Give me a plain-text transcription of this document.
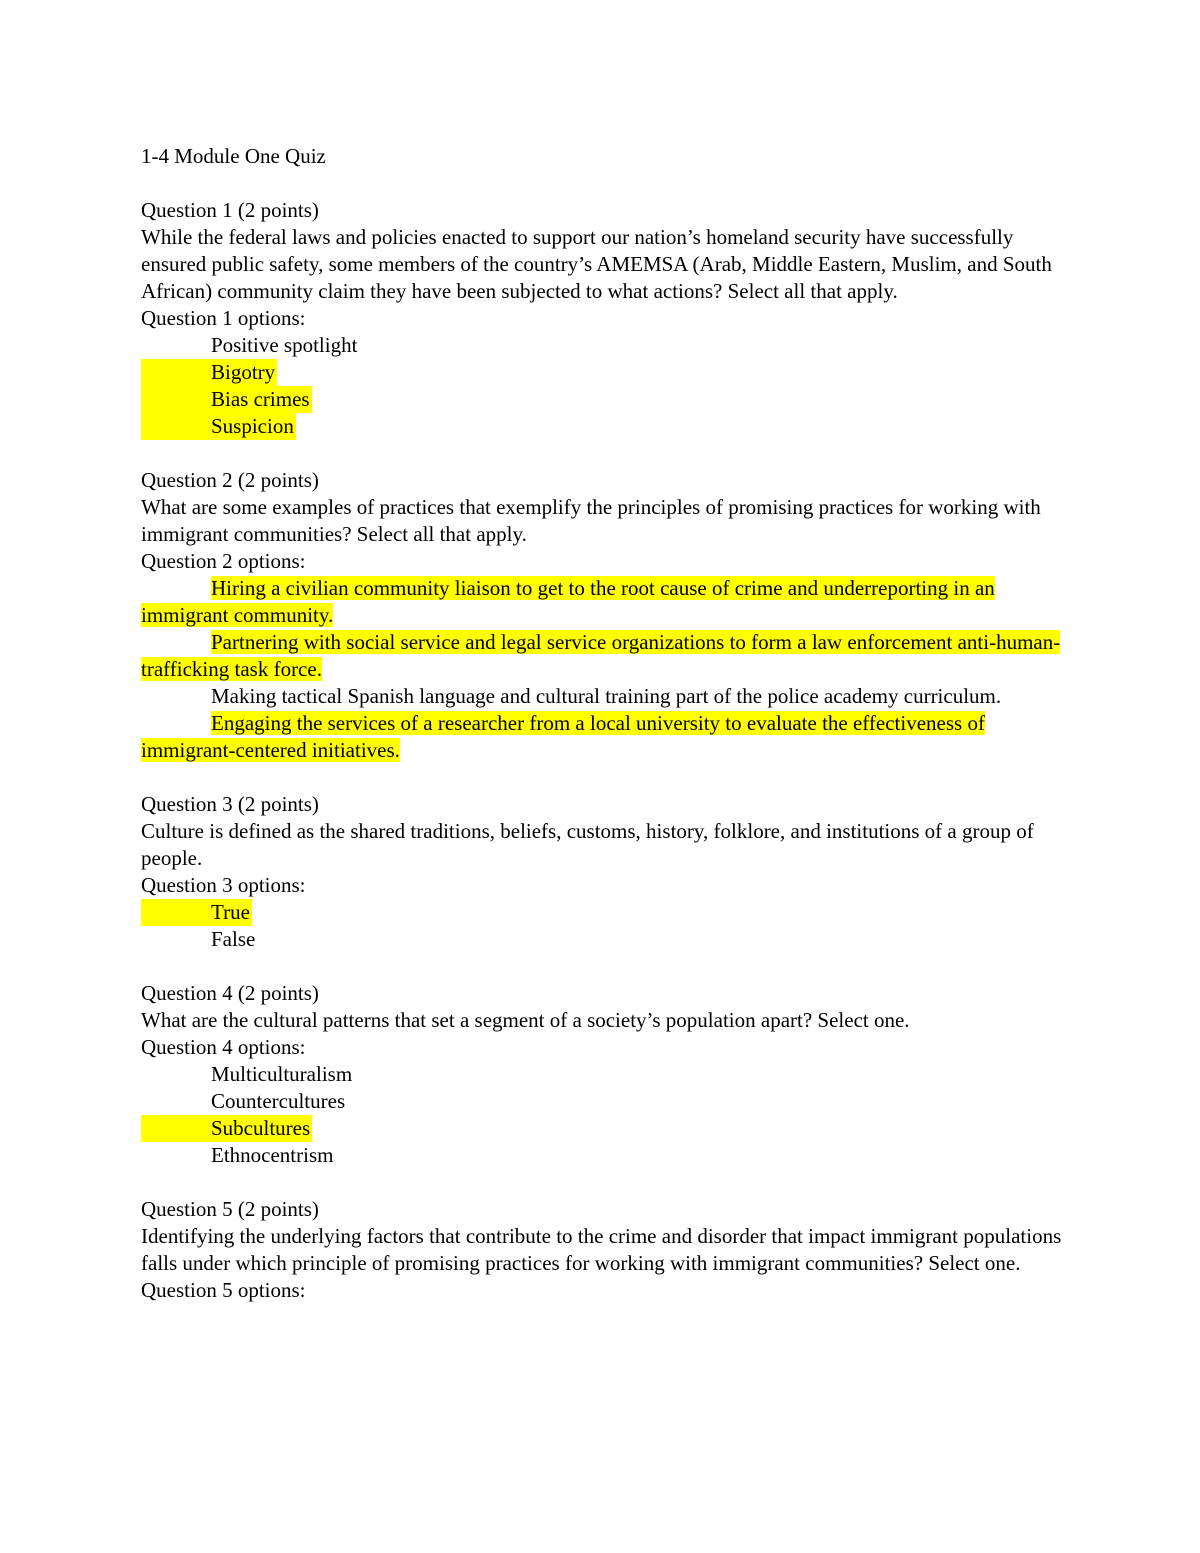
1-4 Module One Quiz
Question 1 (2 points)
While the federal laws and policies enacted to support our nation’s homeland security have successfully ensured public safety, some members of the country’s AMEMSA (Arab, Middle Eastern, Muslim, and South African) community claim they have been subjected to what actions? Select all that apply.
Question 1 options:
Positive spotlight
Bigotry
Bias crimes
Suspicion
Question 2 (2 points)
What are some examples of practices that exemplify the principles of promising practices for working with immigrant communities? Select all that apply.
Question 2 options:
Hiring a civilian community liaison to get to the root cause of crime and underreporting in an immigrant community.
Partnering with social service and legal service organizations to form a law enforcement anti-human-trafficking task force.
Making tactical Spanish language and cultural training part of the police academy curriculum.
Engaging the services of a researcher from a local university to evaluate the effectiveness of immigrant-centered initiatives.
Question 3 (2 points)
Culture is defined as the shared traditions, beliefs, customs, history, folklore, and institutions of a group of people.
Question 3 options:
True

False
Question 4 (2 points)
What are the cultural patterns that set a segment of a society’s population apart? Select one.
Question 4 options:
Multiculturalism
Countercultures
Subcultures

Ethnocentrism
Question 5 (2 points)
Identifying the underlying factors that contribute to the crime and disorder that impact immigrant populations falls under which principle of promising practices for working with immigrant communities? Select one.
Question 5 options:
